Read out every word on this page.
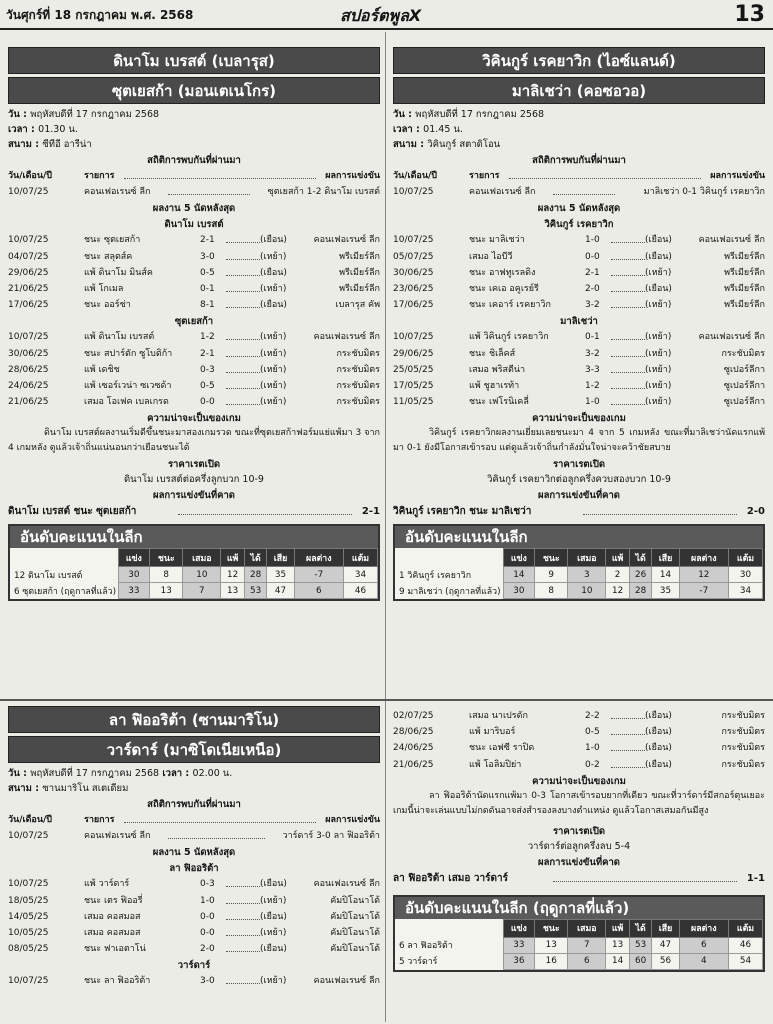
วันศุกร์ที่ 18 กรกฎาคม พ.ศ. 2568	สปอร์ตพูลX	13
ดินาโม เบรสต์ (เบลารุส)
ซุตเยสก้า (มอนเตเนโกร)
วัน : พฤหัสบดีที่ 17 กรกฎาคม 2568
เวลา : 01.30 น.
สนาม : ซีทีอี อารีน่า
สถิติการพบกันที่ผ่านมา
วัน/เดือน/ปี	รายการ	ผลการแข่งขัน
10/07/25	คอนเฟอเรนซ์ ลีก	ซุตเยสก้า 1-2 ดินาโม เบรสต์
ผลงาน 5 นัดหลังสุด
ดินาโม เบรสต์
10/07/25	ชนะ ซุตเยสก้า	2-1	(เยือน)	คอนเฟอเรนซ์ ลีก
04/07/25	ชนะ สลุตส์ค	3-0	(เหย้า)	พรีเมียร์ลีก
29/06/25	แพ้ ดินาโม มินส์ค	0-5	(เยือน)	พรีเมียร์ลีก
21/06/25	แพ้ โกเมล	0-1	(เหย้า)	พรีเมียร์ลีก
17/06/25	ชนะ ออร์ช่า	8-1	(เยือน)	เบลารุส คัพ
ซุตเยสก้า
10/07/25	แพ้ ดินาโม เบรสต์	1-2	(เหย้า)	คอนเฟอเรนซ์ ลีก
30/06/25	ชนะ สปาร์ตัก ซูโบติก้า	2-1	(เหย้า)	กระชับมิตร
28/06/25	แพ้ เดชิช	0-3	(เหย้า)	กระชับมิตร
24/06/25	แพ้ เซอร์เวน่า ซเวซด้า	0-5	(เหย้า)	กระชับมิตร
21/06/25	เสมอ โอเฟค เบลเกรด	0-0	(เหย้า)	กระชับมิตร
ความน่าจะเป็นของเกม
ดินาโม เบรสต์ผลงานเริ่มดีขึ้นชนะมาสองเกมรวด ขณะที่ซุตเยสก้าฟอร์มแย่แพ้มา 3 จาก 4 เกมหลัง ดูแล้วเจ้าถิ่นแน่นอนกว่าเยือนชนะได้
ราคาเรตเปิด
ดินาโม เบรสต์ต่อครึ่งลูกบวก 10-9
ผลการแข่งขันที่คาด
ดินาโม เบรสต์ ชนะ ซุตเยสก้า	2-1
อันดับคะแนนในลีก
	แข่ง	ชนะ	เสมอ	แพ้	ได้	เสีย	ผลต่าง	แต้ม
12 ดินาโม เบรสต์	30	8	10	12	28	35	-7	34
6 ซุตเยสก้า (ฤดูกาลที่แล้ว)	33	13	7	13	53	47	6	46
วิคินกูร์ เรคยาวิก (ไอซ์แลนด์)
มาลิเชว่า (คอซอวอ)
วัน : พฤหัสบดีที่ 17 กรกฎาคม 2568
เวลา : 01.45 น.
สนาม : วิคินกูร์ สตาดิโอน
สถิติการพบกันที่ผ่านมา
วัน/เดือน/ปี	รายการ	ผลการแข่งขัน
10/07/25	คอนเฟอเรนซ์ ลีก	มาลิเชว่า 0-1 วิคินกูร์ เรคยาวิก
ผลงาน 5 นัดหลังสุด
วิคินกูร์ เรคยาวิก
10/07/25	ชนะ มาลิเชว่า	1-0	(เยือน)	คอนเฟอเรนซ์ ลีก
05/07/25	เสมอ ไอบีวี	0-0	(เยือน)	พรีเมียร์ลีก
30/06/25	ชนะ อาฟทูเรลดิง	2-1	(เหย้า)	พรีเมียร์ลีก
23/06/25	ชนะ เคเอ อคูเรย์รี	2-0	(เยือน)	พรีเมียร์ลีก
17/06/25	ชนะ เคอาร์ เรคยาวิก	3-2	(เหย้า)	พรีเมียร์ลีก
มาลิเชว่า
10/07/25	แพ้ วิคินกูร์ เรคยาวิก	0-1	(เหย้า)	คอนเฟอเรนซ์ ลีก
29/06/25	ชนะ ชิเล็คส์	3-2	(เหย้า)	กระชับมิตร
25/05/25	เสมอ พริสตีน่า	3-3	(เหย้า)	ซูเปอร์ลีกา
17/05/25	แพ้ ชูฮาเรท้า	1-2	(เหย้า)	ซูเปอร์ลีกา
11/05/25	ชนะ เฟโรนิเคลี่	1-0	(เหย้า)	ซูเปอร์ลีกา
ความน่าจะเป็นของเกม
วิคินกูร์ เรคยาวิกผลงานเยี่ยมเลยชนะมา 4 จาก 5 เกมหลัง ขณะที่มาลิเชว่านัดแรกแพ้มา 0-1 ยังมีโอกาสเข้ารอบ แต่ดูแล้วเจ้าถิ่นกำลังมั่นใจน่าจะคว้าชัยสบาย
ราคาเรตเปิด
วิคินกูร์ เรคยาวิกต่อลูกครึ่งควบสองบวก 10-9
ผลการแข่งขันที่คาด
วิคินกูร์ เรคยาวิก ชนะ มาลิเชว่า	2-0
อันดับคะแนนในลีก
	แข่ง	ชนะ	เสมอ	แพ้	ได้	เสีย	ผลต่าง	แต้ม
1 วิคินกูร์ เรคยาวิก	14	9	3	2	26	14	12	30
9 มาลิเชว่า (ฤดูกาลที่แล้ว)	30	8	10	12	28	35	-7	34
ลา ฟิออริต้า (ซานมาริโน)
วาร์ดาร์ (มาซิโดเนียเหนือ)
วัน : พฤหัสบดีที่ 17 กรกฎาคม 2568 เวลา : 02.00 น.
สนาม : ซานมาริโน สเตเดียม
สถิติการพบกันที่ผ่านมา
วัน/เดือน/ปี	รายการ	ผลการแข่งขัน
10/07/25	คอนเฟอเรนซ์ ลีก	วาร์ดาร์ 3-0 ลา ฟิออริต้า
ผลงาน 5 นัดหลังสุด
ลา ฟิออริต้า
10/07/25	แพ้ วาร์ดาร์	0-3	(เยือน)	คอนเฟอเรนซ์ ลีก
18/05/25	ชนะ เตร ฟิออรี่	1-0	(เหย้า)	คัมปิโอนาโต้
14/05/25	เสมอ คอสมอส	0-0	(เยือน)	คัมปิโอนาโต้
10/05/25	เสมอ คอสมอส	0-0	(เหย้า)	คัมปิโอนาโต้
08/05/25	ชนะ ฟาเอตาโน่	2-0	(เยือน)	คัมปิโอนาโต้
วาร์ดาร์
10/07/25	ชนะ ลา ฟิออริต้า	3-0	(เหย้า)	คอนเฟอเรนซ์ ลีก
02/07/25	เสมอ นาเปรดัก	2-2	(เยือน)	กระชับมิตร
28/06/25	แพ้ มาริบอร์	0-5	(เยือน)	กระชับมิตร
24/06/25	ชนะ เอฟซี ราปิด	1-0	(เยือน)	กระชับมิตร
21/06/25	แพ้ โอลิมปิย่า	0-2	(เยือน)	กระชับมิตร
ความน่าจะเป็นของเกม
ลา ฟิออริต้านัดแรกแพ้มา 0-3 โอกาสเข้ารอบยากที่เดียว ขณะที่วาร์ดาร์มีสกอร์ตุนเยอะ เกมนี้น่าจะเล่นแบบไม่กดดันอาจส่งสำรองลงบางตำแหน่ง ดูแล้วโอกาสเสมอกันมีสูง
ราคาเรตเปิด
วาร์ดาร์ต่อลูกครึ่งลบ 5-4
ผลการแข่งขันที่คาด
ลา ฟิออริต้า เสมอ วาร์ดาร์	1-1
อันดับคะแนนในลีก (ฤดูกาลที่แล้ว)
	แข่ง	ชนะ	เสมอ	แพ้	ได้	เสีย	ผลต่าง	แต้ม
6 ลา ฟิออริต้า	33	13	7	13	53	47	6	46
5 วาร์ดาร์	36	16	6	14	60	56	4	54
